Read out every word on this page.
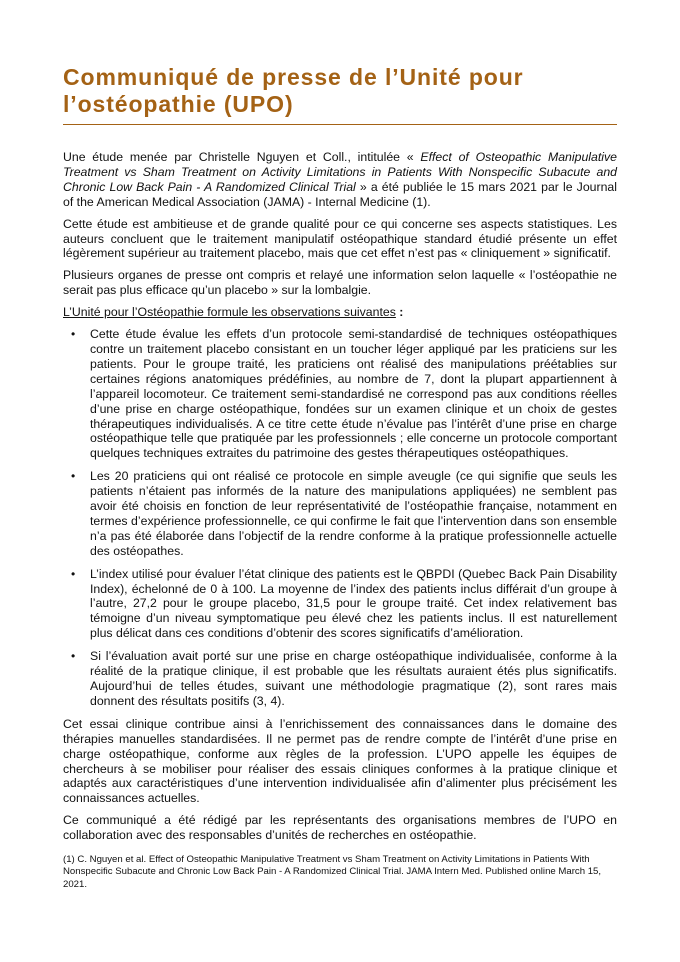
Communiqué de presse de l’Unité pour l’ostéopathie (UPO)

Une étude menée par Christelle Nguyen et Coll., intitulée « Effect of Osteopathic Manipulative Treatment vs Sham Treatment on Activity Limitations in Patients With Nonspecific Subacute and Chronic Low Back Pain - A Randomized Clinical Trial » a été publiée le 15 mars 2021 par le Journal of the American Medical Association (JAMA) - Internal Medicine (1).

Cette étude est ambitieuse et de grande qualité pour ce qui concerne ses aspects statistiques. Les auteurs concluent que le traitement manipulatif ostéopathique standard étudié présente un effet légèrement supérieur au traitement placebo, mais que cet effet n’est pas « cliniquement » significatif.

Plusieurs organes de presse ont compris et relayé une information selon laquelle « l’ostéopathie ne serait pas plus efficace qu’un placebo » sur la lombalgie.

L’Unité pour l’Ostéopathie formule les observations suivantes :

• Cette étude évalue les effets d’un protocole semi-standardisé de techniques ostéopathiques contre un traitement placebo consistant en un toucher léger appliqué par les praticiens sur les patients. Pour le groupe traité, les praticiens ont réalisé des manipulations préétablies sur certaines régions anatomiques prédéfinies, au nombre de 7, dont la plupart appartiennent à l’appareil locomoteur. Ce traitement semi-standardisé ne correspond pas aux conditions réelles d’une prise en charge ostéopathique, fondées sur un examen clinique et un choix de gestes thérapeutiques individualisés. A ce titre cette étude n’évalue pas l’intérêt d’une prise en charge ostéopathique telle que pratiquée par les professionnels ; elle concerne un protocole comportant quelques techniques extraites du patrimoine des gestes thérapeutiques ostéopathiques.
• Les 20 praticiens qui ont réalisé ce protocole en simple aveugle (ce qui signifie que seuls les patients n’étaient pas informés de la nature des manipulations appliquées) ne semblent pas avoir été choisis en fonction de leur représentativité de l’ostéopathie française, notamment en termes d’expérience professionnelle, ce qui confirme le fait que l’intervention dans son ensemble n’a pas été élaborée dans l’objectif de la rendre conforme à la pratique professionnelle actuelle des ostéopathes.
• L’index utilisé pour évaluer l’état clinique des patients est le QBPDI (Quebec Back Pain Disability Index), échelonné de 0 à 100. La moyenne de l’index des patients inclus différait d’un groupe à l’autre, 27,2 pour le groupe placebo, 31,5 pour le groupe traité. Cet index relativement bas témoigne d’un niveau symptomatique peu élevé chez les patients inclus. Il est naturellement plus délicat dans ces conditions d’obtenir des scores significatifs d’amélioration.
• Si l’évaluation avait porté sur une prise en charge ostéopathique individualisée, conforme à la réalité de la pratique clinique, il est probable que les résultats auraient étés plus significatifs. Aujourd’hui de telles études, suivant une méthodologie pragmatique (2), sont rares mais donnent des résultats positifs (3, 4).

Cet essai clinique contribue ainsi à l’enrichissement des connaissances dans le domaine des thérapies manuelles standardisées. Il ne permet pas de rendre compte de l’intérêt d’une prise en charge ostéopathique, conforme aux règles de la profession. L’UPO appelle les équipes de chercheurs à se mobiliser pour réaliser des essais cliniques conformes à la pratique clinique et adaptés aux caractéristiques d’une intervention individualisée afin d’alimenter plus précisément les connaissances actuelles.

Ce communiqué a été rédigé par les représentants des organisations membres de l’UPO en collaboration avec des responsables d’unités de recherches en ostéopathie.

(1) C. Nguyen et al. Effect of Osteopathic Manipulative Treatment vs Sham Treatment on Activity Limitations in Patients With Nonspecific Subacute and Chronic Low Back Pain - A Randomized Clinical Trial. JAMA Intern Med. Published online March 15, 2021.
